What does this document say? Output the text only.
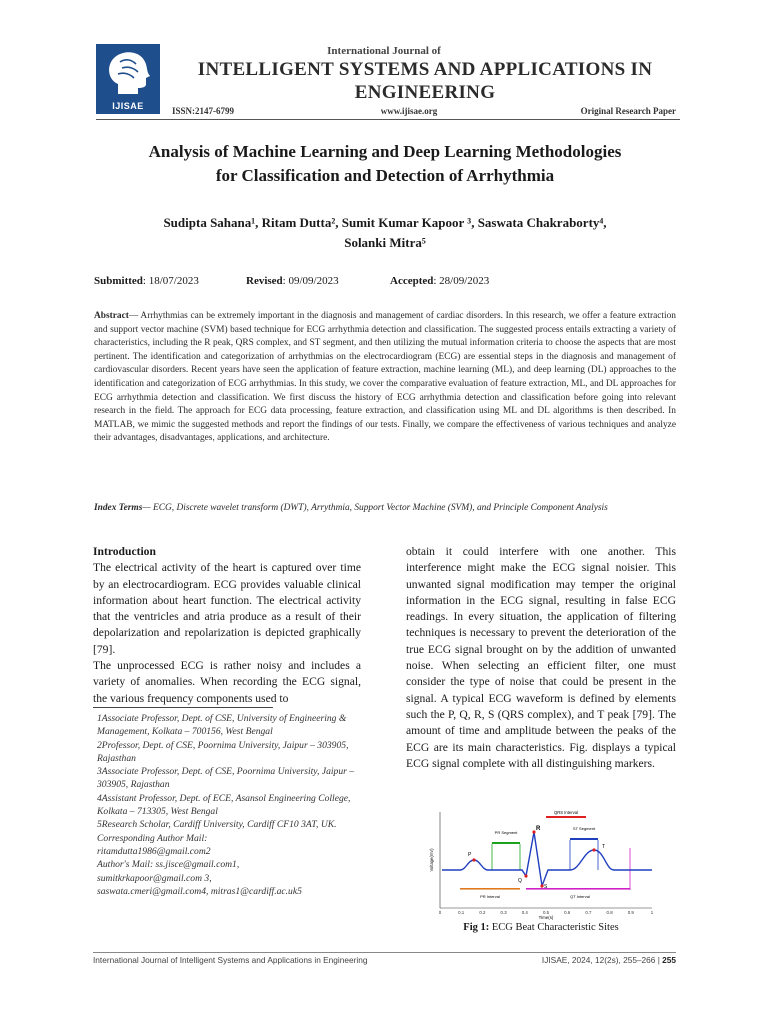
IJISAE
International Journal of
INTELLIGENT SYSTEMS AND APPLICATIONS IN ENGINEERING
ISSN:2147-6799	www.ijisae.org	Original Research Paper
Analysis of Machine Learning and Deep Learning Methodologies
for Classification and Detection of Arrhythmia
Sudipta Sahana¹, Ritam Dutta², Sumit Kumar Kapoor ³, Saswata Chakraborty⁴,
Solanki Mitra⁵
Submitted: 18/07/2023	Revised: 09/09/2023	Accepted: 28/09/2023
Abstract— Arrhythmias can be extremely important in the diagnosis and management of cardiac disorders. In this research, we offer a feature extraction and support vector machine (SVM) based technique for ECG arrhythmia detection and classification. The suggested process entails extracting a variety of characteristics, including the R peak, QRS complex, and ST segment, and then utilizing the mutual information criteria to choose the aspects that are most pertinent. The identification and categorization of arrhythmias on the electrocardiogram (ECG) are essential steps in the diagnosis and management of cardiovascular disorders. Recent years have seen the application of feature extraction, machine learning (ML), and deep learning (DL) approaches to the identification and categorization of ECG arrhythmias. In this study, we cover the comparative evaluation of feature extraction, ML, and DL approaches for ECG arrhythmia detection and classification. We first discuss the history of ECG arrhythmia detection and classification before going into relevant research in the field. The approach for ECG data processing, feature extraction, and classification using ML and DL algorithms is then described. In MATLAB, we mimic the suggested methods and report the findings of our tests. Finally, we compare the effectiveness of various techniques and analyze their advantages, disadvantages, applications, and architecture.
Index Terms— ECG, Discrete wavelet transform (DWT), Arrythmia, Support Vector Machine (SVM), and Principle Component Analysis
Introduction
The electrical activity of the heart is captured over time by an electrocardiogram. ECG provides valuable clinical information about heart function. The electrical activity that the ventricles and atria produce as a result of their depolarization and repolarization is depicted graphically [79].
The unprocessed ECG is rather noisy and includes a variety of anomalies. When recording the ECG signal, the various frequency components used to
1Associate Professor, Dept. of CSE, University of Engineering & Management, Kolkata – 700156, West Bengal
2Professor, Dept. of CSE, Poornima University, Jaipur – 303905, Rajasthan
3Associate Professor, Dept. of CSE, Poornima University, Jaipur – 303905, Rajasthan
4Assistant Professor, Dept. of ECE, Asansol Engineering College, Kolkata – 713305, West Bengal
5Research Scholar, Cardiff University, Cardiff CF10 3AT, UK.
Corresponding Author Mail:
ritamdutta1986@gmail.com2
Author's Mail: ss.jisce@gmail.com1,
sumitkrkapoor@gmail.com 3,
saswata.cmeri@gmail.com4, mitras1@cardiff.ac.uk5
obtain it could interfere with one another. This interference might make the ECG signal noisier. This unwanted signal modification may temper the original information in the ECG signal, resulting in false ECG readings. In every situation, the application of filtering techniques is necessary to prevent the deterioration of the true ECG signal brought on by the addition of unwanted noise. When selecting an efficient filter, one must consider the type of noise that could be present in the signal. A typical ECG waveform is defined by elements such the P, Q, R, S (QRS complex), and T peak [79]. The amount of time and amplitude between the peaks of the ECG are its main characteristics. Fig. displays a typical ECG signal complete with all distinguishing markers.
Voltage(mV)
Time(s)
0	0.1	0.2	0.3	0.4	0.5	0.6	0.7	0.8	0.9	1
QRS Interval
PR Segment
ST Segment
PR Interval	QT Interval
P
Q
R
S
T
Fig 1: ECG Beat Characteristic Sites
International Journal of Intelligent Systems and Applications in Engineering	IJISAE, 2024, 12(2s), 255–266 | 255
